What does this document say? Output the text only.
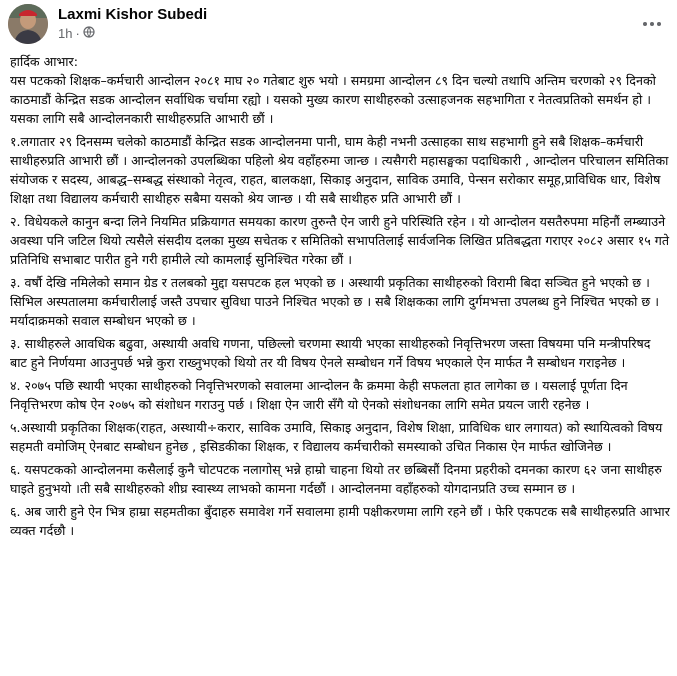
Laxmi Kishor Subedi
1h ·

हार्दिक आभार:

यस पटकको शिक्षक–कर्मचारी आन्दोलन २०८१ माघ २० गतेबाट शुरु भयो । समग्रमा आन्दोलन ८९ दिन चल्यो तथापि अन्तिम चरणको २९ दिनको काठमाडौं केन्द्रित सडक आन्दोलन सर्वाधिक चर्चामा रह्यो । यसको मुख्य कारण साथीहरुको उत्साहजनक सहभागिता र नेतत्वप्रतिको समर्थन हो । यसका लागि सबै आन्दोलनकारी साथीहरुप्रति आभारी छौं ।

१.लगातार २९ दिनसम्म चलेको काठमाडौं केन्द्रित सडक आन्दोलनमा पानी, घाम केही नभनी उत्साहका साथ सहभागी हुने सबै शिक्षक–कर्मचारी साथीहरुप्रति आभारी छौं । आन्दोलनको उपलब्धिका पहिलो श्रेय वहाँहरुमा जान्छ । त्यसैगरी महासङ्घका पदाधिकारी , आन्दोलन परिचालन समितिका संयोजक र सदस्य, आबद्ध–सम्बद्ध संस्थाको नेतृत्व, राहत, बालकक्षा, सिकाइ अनुदान, साविक उमावि, पेन्सन सरोकार समूह,प्राविधिक धार, विशेष शिक्षा तथा विद्यालय कर्मचारी साथीहरु सबैमा यसको श्रेय जान्छ । यी सबै साथीहरु प्रति आभारी छौं ।

२. विधेयकले कानुन बन्दा लिने नियमित प्रक्रियागत समयका कारण तुरुन्तै ऐन जारी हुने परिस्थिति रहेन । यो आन्दोलन यसतैरुपमा महिनौं लम्ब्याउने अवस्था पनि जटिल थियो त्यसैले संसदीय दलका मुख्य सचेतक र समितिको सभापतिलाई सार्वजनिक लिखित प्रतिबद्धता गराएर २०८२ असार १५ गते प्रतिनिधि सभाबाट पारीत हुने गरी हामीले त्यो कामलाई सुनिश्चित गरेका छौं ।

३. वर्षौ देखि नमिलेको समान ग्रेड र तलबको मुद्दा यसपटक हल भएको छ । अस्थायी प्रकृतिका साथीहरुको विरामी बिदा सञ्चित हुने भएको छ । सिभिल अस्पतालमा कर्मचारीलाई जस्तै उपचार सुविधा पाउने निश्चित भएको छ । सबै शिक्षकका लागि दुर्गमभत्ता उपलब्ध हुने निश्चित भएको छ । मर्यादाक्रमको सवाल सम्बोधन भएको छ ।

३. साथीहरुले आवधिक बढुवा, अस्थायी अवधि गणना, पछिल्लो चरणमा स्थायी भएका साथीहरुको निवृत्तिभरण जस्ता विषयमा पनि मन्त्रीपरिषद बाट हुने निर्णयमा आउनुपर्छ भन्ने कुरा राख्नुभएको थियो तर यी विषय ऐनले सम्बोधन गर्ने विषय भएकाले ऐन मार्फत नै सम्बोधन गराइनेछ ।

४. २०७५ पछि स्थायी भएका साथीहरुको निवृत्तिभरणको सवालमा आन्दोलन कै क्रममा केही सफलता हात लागेका छ । यसलाई पूर्णता दिन निवृत्तिभरण कोष ऐन २०७५ को संशोधन गराउनु पर्छ । शिक्षा ऐन जारी सँगै यो ऐनको संशोधनका लागि समेत प्रयत्न जारी रहनेछ ।

५.अस्थायी प्रकृतिका शिक्षक(राहत, अस्थायी÷करार, साविक उमावि, सिकाइ अनुदान, विशेष शिक्षा, प्राविधिक धार लगायत) को स्थायित्वको विषय सहमती वमोजिम् ऐनबाट सम्बोधन हुनेछ , इसिडकीका शिक्षक, र विद्यालय कर्मचारीको समस्याको उचित निकास ऐन मार्फत खोजिनेछ ।

६. यसपटकको आन्दोलनमा कसैलाई कुनै चोटपटक नलागोस् भन्ने हाम्रो चाहना थियो तर छब्बिसौं दिनमा प्रहरीको दमनका कारण ६२ जना साथीहरु घाइते हुनुभयो ।ती सबै साथीहरुको शीघ्र स्वास्थ्य लाभको कामना गर्दछौं । आन्दोलनमा वहाँहरुको योगदानप्रति उच्च सम्मान छ ।

६. अब जारी हुने ऐन भित्र हाम्रा सहमतीका बुँदाहरु समावेश गर्ने सवालमा हामी पक्षीकरणमा लागि रहने छौं । फेरि एकपटक सबै साथीहरुप्रति आभार व्यक्त गर्दछौ ।
